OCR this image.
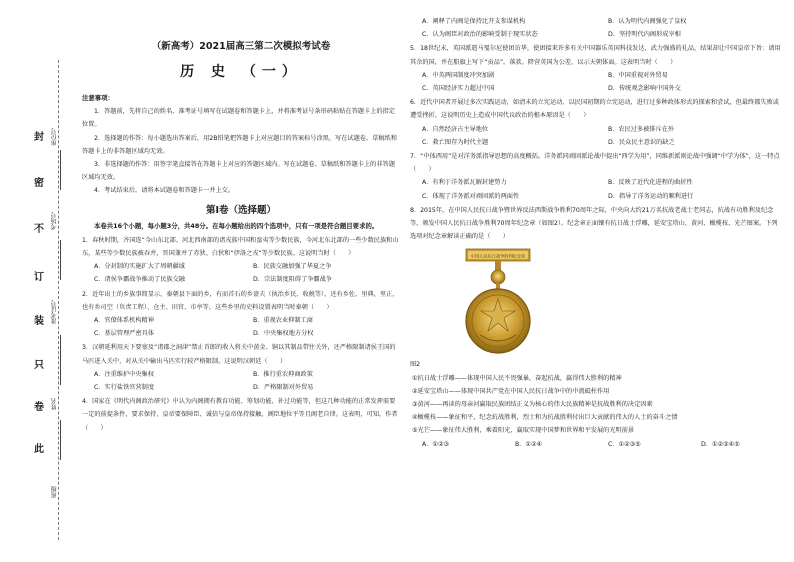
封
密
不
订
装
只
卷
此
座位号
考场号
准考证号
姓名
班级
（新高考）2021届高三第二次模拟考试卷
历 史 （一）
注意事项：
1．答题前，先将自己的姓名、准考证号填写在试题卷和答题卡上，并将准考证号条形码粘贴在答题卡上的指定位置。
2．选择题的作答：每小题选出答案后，用2B铅笔把答题卡上对应题目的答案标号涂黑，写在试题卷、草稿纸和答题卡上的非答题区域均无效。
3．非选择题的作答：用签字笔直接答在答题卡上对应的答题区域内。写在试题卷、草稿纸和答题卡上的非答题区域均无效。
4．考试结束后，请将本试题卷和答题卡一并上交。
第Ⅰ卷（选择题）
本卷共16个小题，每小题3分，共48分。在每小题给出的四个选项中，只有一项是符合题目要求的。
1．春秋时期，齐国连“今山东北部、河北西南部的诸戎族中国和蛮夷等少数民族，今河北东北部的一些少数民族和山东，某些等少数民族被吞并，晋国兼并了赤狄、白狄和“伊洛之戎”等少数民族。这说明当时（　　）
A．分封制的实施扩大了周朝疆域	B．民族交融加强了华夏之争
C．诸侯争霸战争推动了民族交融	D．宗法制度阻碍了争霸战争
2．近年出土的乡族事简显示，秦朝县下面的乡，有而首石的乡啬夫（执治乡民、收税等），还有乡佐、里典、里正，也有乡司空（负责工程）、仓主、田官、市亭等，这些乡里的史料设置表明当时秦朝（　　）
A．官僚体系机构精神	B．重视农业抑制工商
C．基层管理严密具体	D．中央集权地方分权
3．汉朝延利用天下要塞及“诸郡之洞津”禁止首郎的收入将关中黄金、铜以其制品带往关外，还严格限制诸侯王国的马匹进入关中，对从关中输出马匹实行较严格限制。这说明汉朝廷（　　）
A．注重维护中央集权	B．推行重农抑商政策
C．实行盐铁官营制度	D．严格限制对外贸易
4．国家在《明代内阁政治研究》中认为内阁拥有教育功能、筹划功能、补过功能等，但这几种功能的正常发挥需要一定的前提条件，要求保持、皇帝要保障臣、诚信与皇帝保持接触、阁臣地位平等且阁老自律。这表明，可知，作者（　　）
A．阐释了内阁是保持比开支参谋机构	B．认为明代内阁强化了皇权
C．认为阁臣对政治的影响受制于现实状态	D．坚持明代内阁形成宰相
5．18世纪末，英国派遣马戛尔尼使团访华，使团接来许多有关中国器乐英国科技发达，武力强盛的礼品，结果却让中国皇帝下旨：请用其余的国，并在船旗上写下“贡品”。落款。降营英国为公差，以示天朝体面。这表明当时（　　）
A．中英两国制度冲突加剧	B．中国重视对外贸易
C．英国经济实力超过中国	D．传统观念影响中国外交
6．近代中国者开展过多次实践运动，如清末的立宪运动、以民国初期的立宪运动，进行过多种政体形式的探索和尝试，但最终都失败或遭受挫折。这说明历史上造成中国代议政治的根本原因是（　　）
A．自然经济占主导地位	B．农民过多被排斥在外
C．救亡图存为时代主题	D．民众民主意识的缺乏
7．“中体西用”是对洋务派指导思想的高度概括。洋务派同顽固派论战中提出“西学为用”，同维新派则论战中强调“中学为体”，这一特点（　　）
A．有利于洋务派瓦解封建势力	B．反映了近代化进程的曲折性
C．体现了洋务派对顽固派的两面性	D．指导了洋务运动的顺利进行
8．2015年，在中国人民抗日战争暨世界反法西斯战争胜利70周年之际，中央向大约21万名抗战老战士老同志，抗战有功胜利及纪念等，颁发中国人民抗日战争胜利70周年纪念章（如图2）。纪念章正面镶有抗日战士浮雕，延安宝塔山、黄河、橄榄枝、光芒图案。下列选项对纪念章解读正确的是（　　）
中国人民抗日战争胜利纪念章
图2
①抗日战士浮雕——体现中国人民不畏强暴，奋起抗战，赢得伟大胜利的精神
②延安宝塔山——体现中国共产党在中国人民抗日战争中的中流砥柱作用
③黄河——再读的母亲河赢取民族团结正义为核心的伟大民族精神是抗战胜利的决定因素
④橄榄枝——象征和平，纪念抗战胜利，烈士和为抗战胜利付出巨大贡献的伟大的人士的奋斗之情
⑤光芒——象征伟大胜利，乘着阳光，赢取实现中国梦和世界和平发展的光明前景
A．①②③	B．①②④	C．①②③⑤	D．①②③④⑤
